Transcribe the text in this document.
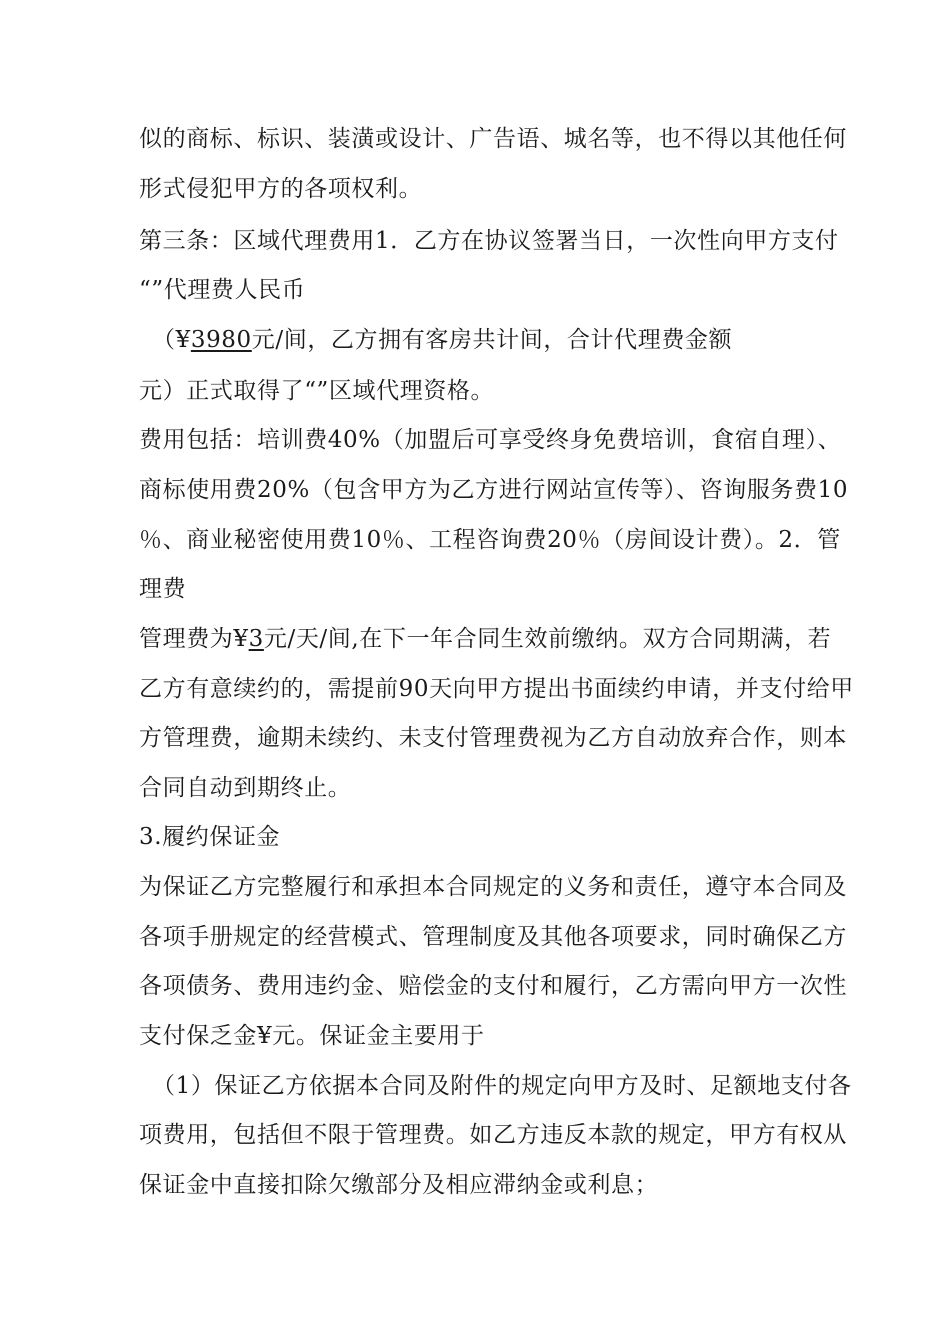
似的商标、标识、装潢或设计、广告语、城名等，也不得以其他任何
形式侵犯甲方的各项权利。
第三条：区域代理费用1．乙方在协议签署当日，一次性向甲方支付
“”代理费人民币
（¥3980元/间，乙方拥有客房共计间，合计代理费金额
元）正式取得了“”区域代理资格。
费用包括：培训费40%（加盟后可享受终身免费培训，食宿自理）、
商标使用费20%（包含甲方为乙方进行网站宣传等）、咨询服务费10
％、商业秘密使用费10％、工程咨询费20％（房间设计费）。2．管
理费
管理费为¥3元/天/间,在下一年合同生效前缴纳。双方合同期满，若
乙方有意续约的，需提前90天向甲方提出书面续约申请，并支付给甲
方管理费，逾期未续约、未支付管理费视为乙方自动放弃合作，则本
合同自动到期终止。
3.履约保证金
为保证乙方完整履行和承担本合同规定的义务和责任，遵守本合同及
各项手册规定的经营模式、管理制度及其他各项要求，同时确保乙方
各项债务、费用违约金、赔偿金的支付和履行，乙方需向甲方一次性
支付保乏金¥元。保证金主要用于
（1）保证乙方依据本合同及附件的规定向甲方及时、足额地支付各
项费用，包括但不限于管理费。如乙方违反本款的规定，甲方有权从
保证金中直接扣除欠缴部分及相应滞纳金或利息；
